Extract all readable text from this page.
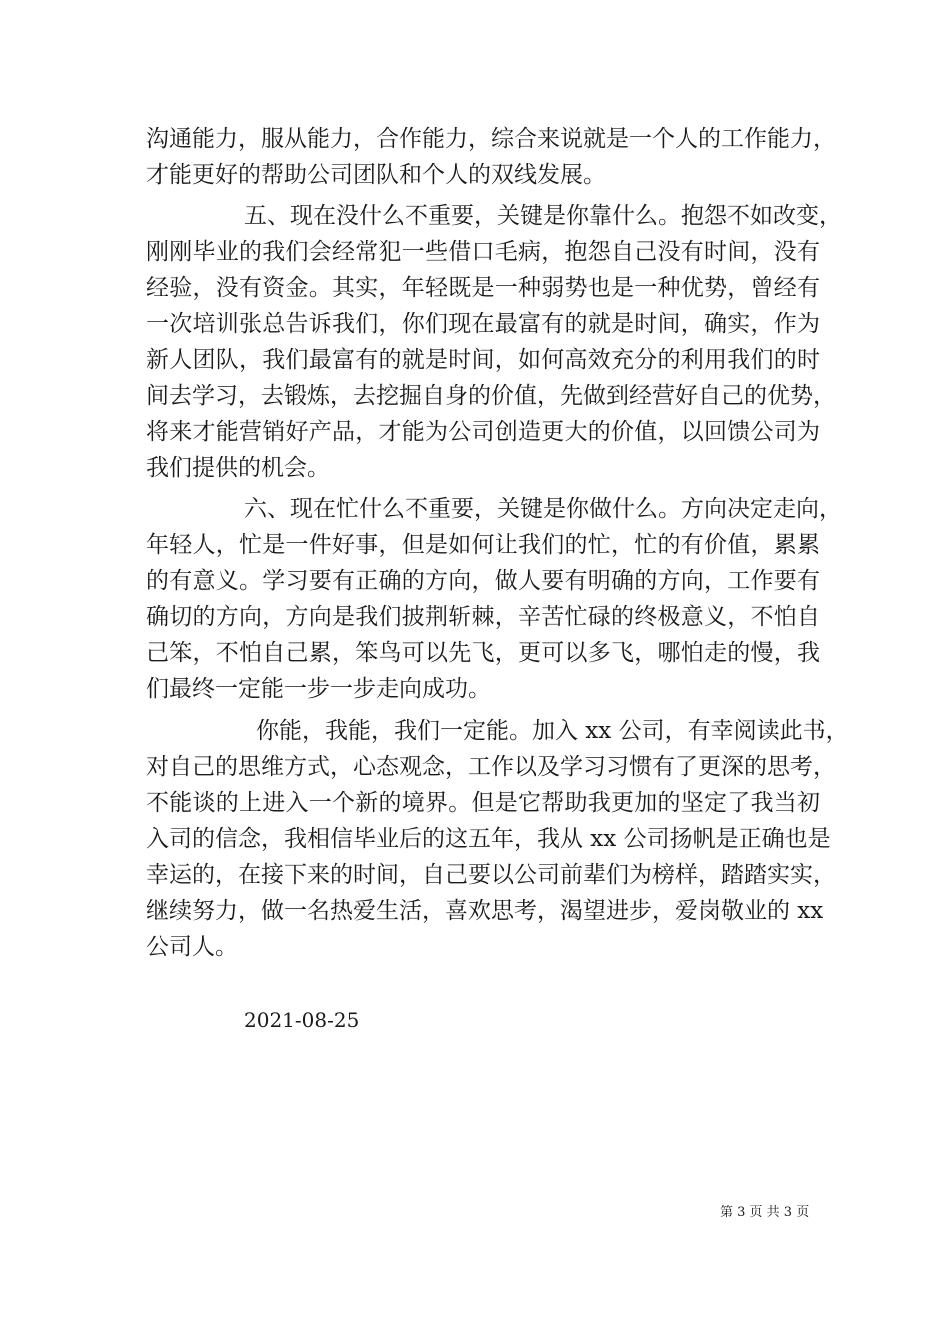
沟通能力，服从能力，合作能力，综合来说就是一个人的工作能力，
才能更好的帮助公司团队和个人的双线发展。
五、现在没什么不重要，关键是你靠什么。抱怨不如改变，
刚刚毕业的我们会经常犯一些借口毛病，抱怨自己没有时间，没有
经验，没有资金。其实，年轻既是一种弱势也是一种优势，曾经有
一次培训张总告诉我们，你们现在最富有的就是时间，确实，作为
新人团队，我们最富有的就是时间，如何高效充分的利用我们的时
间去学习，去锻炼，去挖掘自身的价值，先做到经营好自己的优势，
将来才能营销好产品，才能为公司创造更大的价值，以回馈公司为
我们提供的机会。
六、现在忙什么不重要，关键是你做什么。方向决定走向，
年轻人，忙是一件好事，但是如何让我们的忙，忙的有价值，累累
的有意义。学习要有正确的方向，做人要有明确的方向，工作要有
确切的方向，方向是我们披荆斩棘，辛苦忙碌的终极意义，不怕自
己笨，不怕自己累，笨鸟可以先飞，更可以多飞，哪怕走的慢，我
们最终一定能一步一步走向成功。
你能，我能，我们一定能。加入 xx 公司，有幸阅读此书，
对自己的思维方式，心态观念，工作以及学习习惯有了更深的思考，
不能谈的上进入一个新的境界。但是它帮助我更加的坚定了我当初
入司的信念，我相信毕业后的这五年，我从 xx 公司扬帆是正确也是
幸运的，在接下来的时间，自己要以公司前辈们为榜样，踏踏实实，
继续努力，做一名热爱生活，喜欢思考，渴望进步，爱岗敬业的 xx
公司人。
2021-08-25
第 3 页 共 3 页
